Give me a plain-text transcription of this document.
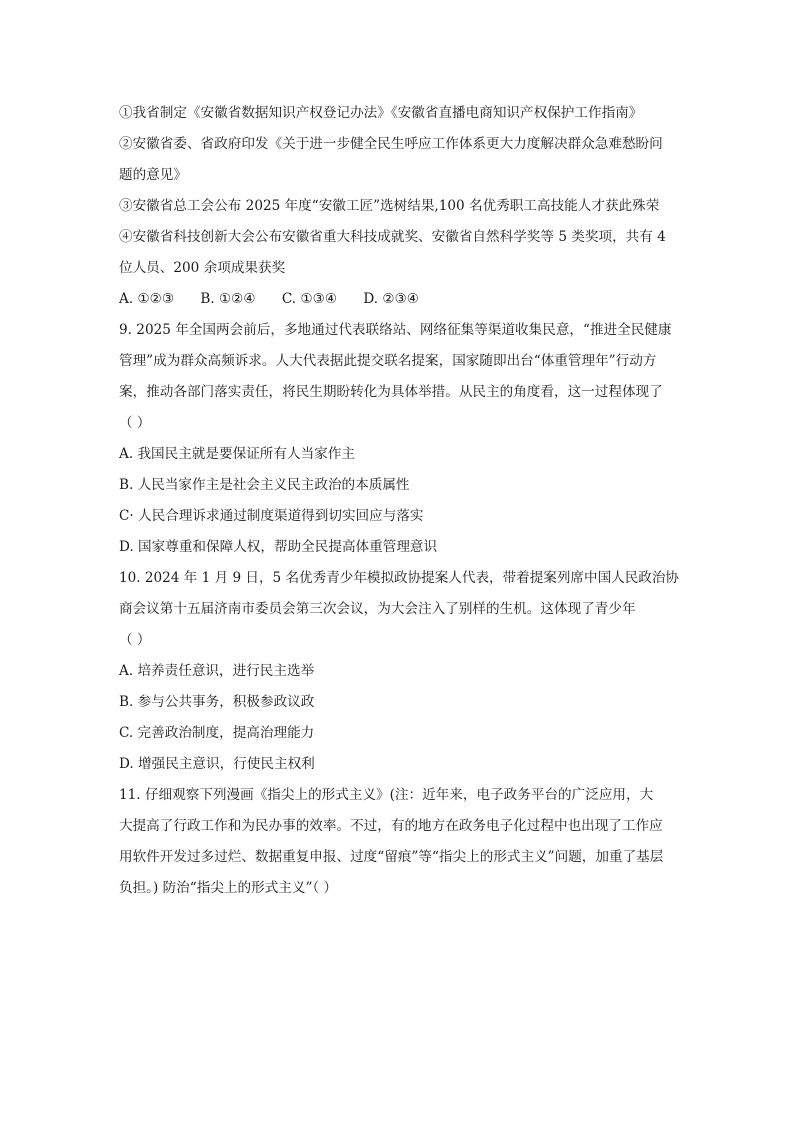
①我省制定《安徽省数据知识产权登记办法》《安徽省直播电商知识产权保护工作指南》
②安徽省委、省政府印发《关于进一步健全民生呼应工作体系更大力度解决群众急难愁盼问
题的意见》
③安徽省总工会公布 2025 年度“安徽工匠”选树结果,100 名优秀职工高技能人才获此殊荣
④安徽省科技创新大会公布安徽省重大科技成就奖、安徽省自然科学奖等 5 类奖项，共有 4
位人员、200 余项成果获奖
A. ①②③ B. ①②④ C. ①③④ D. ②③④
9. 2025 年全国两会前后，多地通过代表联络站、网络征集等渠道收集民意，“推进全民健康
管理”成为群众高频诉求。人大代表据此提交联名提案，国家随即出台“体重管理年”行动方
案，推动各部门落实责任，将民生期盼转化为具体举措。从民主的角度看，这一过程体现了
（ ）
A. 我国民主就是要保证所有人当家作主
B. 人民当家作主是社会主义民主政治的本质属性
C· 人民合理诉求通过制度渠道得到切实回应与落实
D. 国家尊重和保障人权，帮助全民提高体重管理意识
10. 2024 年 1 月 9 日，5 名优秀青少年模拟政协提案人代表，带着提案列席中国人民政治协
商会议第十五届济南市委员会第三次会议，为大会注入了别样的生机。这体现了青少年
（ ）
A. 培养责任意识，进行民主选举
B. 参与公共事务，积极参政议政
C. 完善政治制度，提高治理能力
D. 增强民主意识，行使民主权利
11. 仔细观察下列漫画《指尖上的形式主义》(注：近年来，电子政务平台的广泛应用，大
大提高了行政工作和为民办事的效率。不过，有的地方在政务电子化过程中也出现了工作应
用软件开发过多过烂、数据重复申报、过度“留痕”等“指尖上的形式主义”问题，加重了基层
负担。) 防治“指尖上的形式主义”（ ）
